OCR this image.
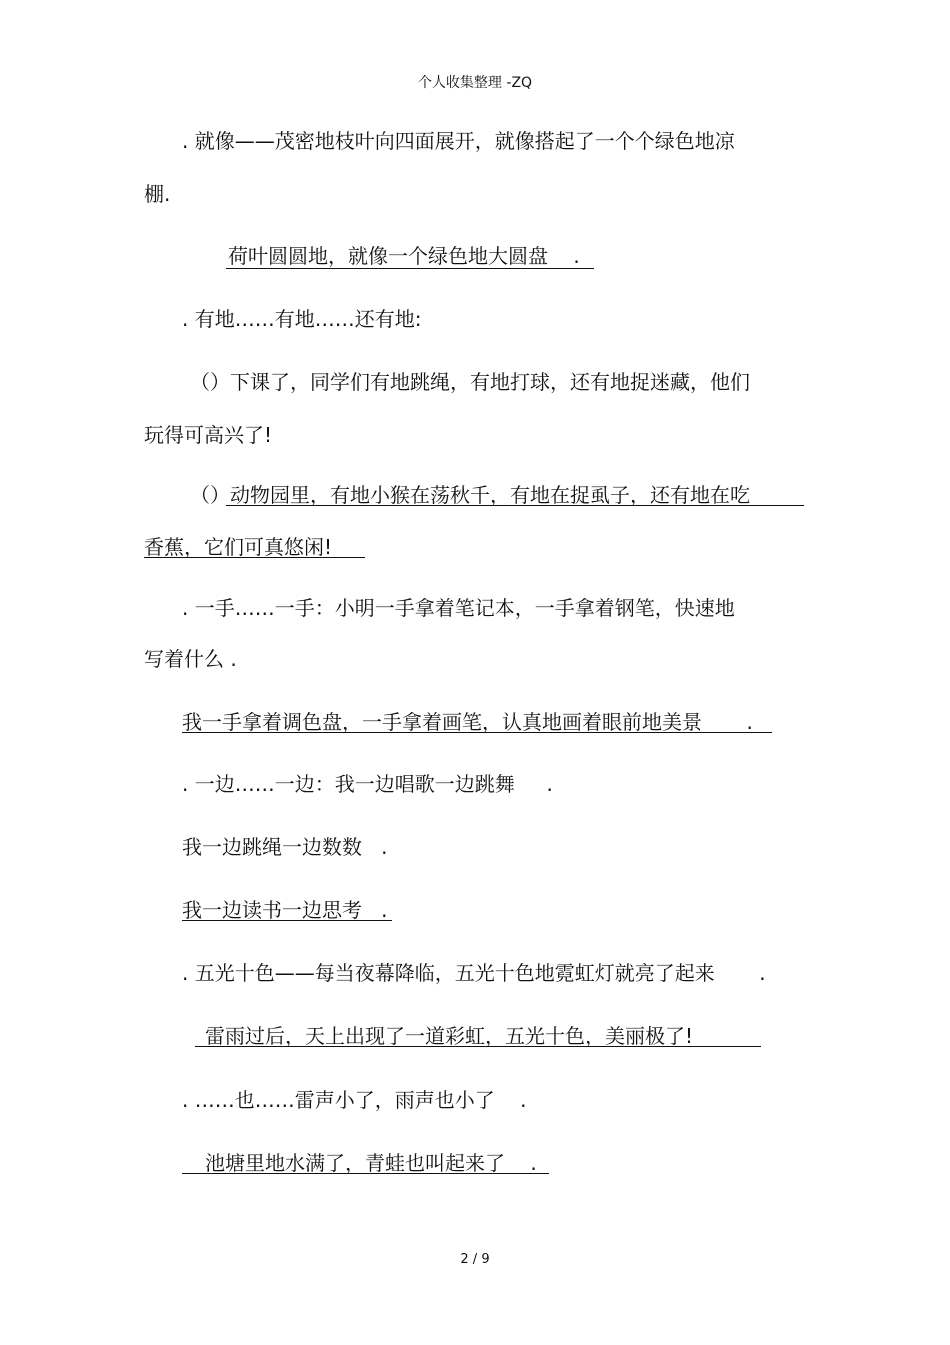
个人收集整理 -ZQ
. 就像——茂密地枝叶向四面展开，就像搭起了一个个绿色地凉
棚.
荷叶圆圆地，就像一个绿色地大圆盘    .
. 有地……有地……还有地:
（）下课了，同学们有地跳绳，有地打球，还有地捉迷藏，他们
玩得可高兴了!
（）动物园里，有地小猴在荡秋千，有地在捉虱子，还有地在吃
香蕉，它们可真悠闲!
. 一手……一手：小明一手拿着笔记本，一手拿着钢笔，快速地
写着什么 .
我一手拿着调色盘，一手拿着画笔，认真地画着眼前地美景       .
. 一边……一边：我一边唱歌一边跳舞     .
我一边跳绳一边数数   .
我一边读书一边思考   .
. 五光十色——每当夜幕降临，五光十色地霓虹灯就亮了起来       .
雷雨过后，天上出现了一道彩虹，五光十色，美丽极了!
. ……也……雷声小了，雨声也小了    .
池塘里地水满了，青蛙也叫起来了    .
2 / 9
